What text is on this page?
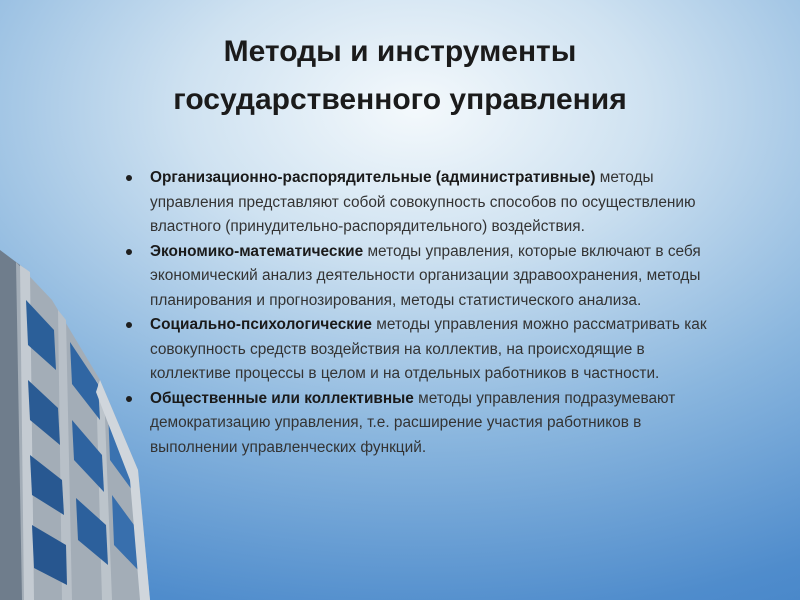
Методы и инструменты
государственного управления

Организационно-распорядительные (административные) методы управления представляют собой совокупность способов по осуществлению властного (принудительно-распорядительного) воздействия.

Экономико-математические методы управления, которые включают в себя экономический анализ деятельности организации здравоохранения, методы планирования и прогнозирования, методы статистического анализа.

Социально-психологические методы управления можно рассматривать как совокупность средств воздействия на коллектив, на происходящие в коллективе процессы в целом и на отдельных работников в частности.

Общественные или коллективные методы управления подразумевают демократизацию управления, т.е. расширение участия работников в выполнении управленческих функций.
